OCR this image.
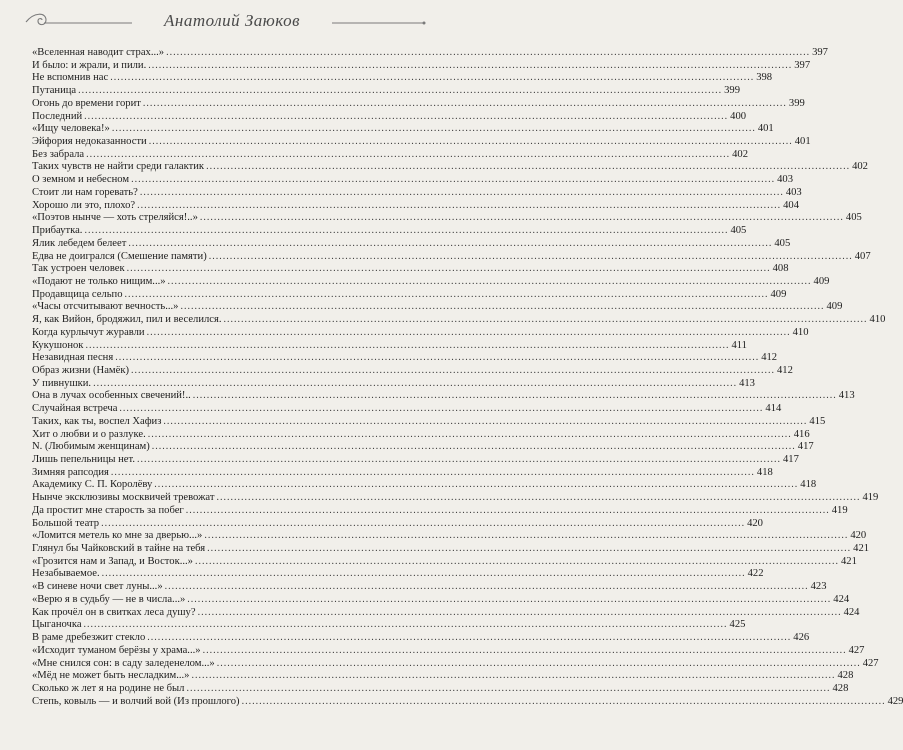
Анатолий Заюков
«Вселенная наводит страх...» .....	397
И было: и жрали, и пили. .....	397
Не вспомнив нас .....	398
Путаница .....	399
Огонь до времени горит .....	399
Последний .....	400
«Ищу человека!» .....	401
Эйфория недоказанности .....	401
Без забрала .....	402
Таких чувств не найти среди галактик .....	402
О земном и небесном .....	403
Стоит ли нам горевать? .....	403
Хорошо ли это, плохо? .....	404
«Поэтов нынче — хоть стреляйся!..» .....	405
Прибаутка. .....	405
Ялик лебедем белеет .....	405
Едва не доигрался (Смешение памяти) .....	407
Так устроен человек .....	408
«Подают не только нищим...» .....	409
Продавщица сельпо .....	409
«Часы отсчитывают вечность...» .....	409
Я, как Вийон, бродяжил, пил и веселился. .....	410
Когда курлычут журавли .....	410
Кукушонок .....	411
Незавидная песня .....	412
Образ жизни (Намёк) .....	412
У пивнушки. .....	413
Она в лучах особенных свечений!.. .....	413
Случайная встреча .....	414
Таких, как ты, воспел Хафиз .....	415
Хит о любви и о разлуке. .....	416
N. (Любимым женщинам) .....	417
Лишь пепельницы нет. .....	417
Зимняя рапсодия .....	418
Академику С. П. Королёву .....	418
Нынче эксклюзивы москвичей тревожат .....	419
Да простит мне старость за побег .....	419
Большой театр .....	420
«Ломится метель ко мне за дверью...» .....	420
Глянул бы Чайковский в тайне на тебя .....	421
«Грозится нам и Запад, и Восток...» .....	421
Незабываемое. .....	422
«В синеве ночи свет луны...» .....	423
«Верю я в судьбу — не в числа...» .....	424
Как прочёл он в свитках леса душу? .....	424
Цыганочка .....	425
В раме дребезжит стекло .....	426
«Исходит туманом берёзы у храма...» .....	427
«Мне снился сон: в саду заледенелом...» .....	427
«Мёд не может быть несладким...» .....	428
Сколько ж лет я на родине не был .....	428
Степь, ковыль — и волчий вой (Из прошлого) .....	429
